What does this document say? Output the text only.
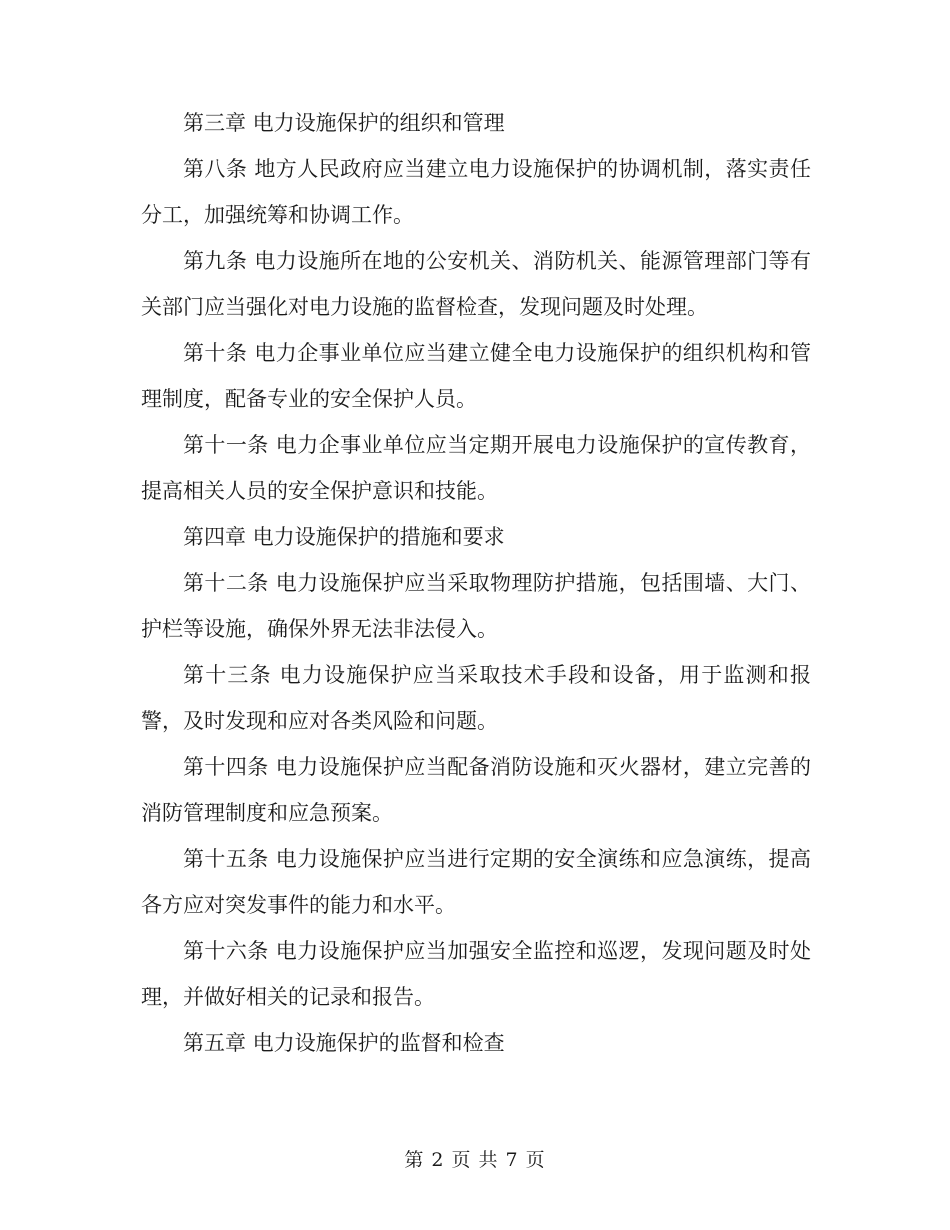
第三章 电力设施保护的组织和管理

第八条 地方人民政府应当建立电力设施保护的协调机制，落实责任分工，加强统筹和协调工作。

第九条 电力设施所在地的公安机关、消防机关、能源管理部门等有关部门应当强化对电力设施的监督检查，发现问题及时处理。

第十条 电力企事业单位应当建立健全电力设施保护的组织机构和管理制度，配备专业的安全保护人员。

第十一条 电力企事业单位应当定期开展电力设施保护的宣传教育，提高相关人员的安全保护意识和技能。

第四章 电力设施保护的措施和要求

第十二条 电力设施保护应当采取物理防护措施，包括围墙、大门、护栏等设施，确保外界无法非法侵入。

第十三条 电力设施保护应当采取技术手段和设备，用于监测和报警，及时发现和应对各类风险和问题。

第十四条 电力设施保护应当配备消防设施和灭火器材，建立完善的消防管理制度和应急预案。

第十五条 电力设施保护应当进行定期的安全演练和应急演练，提高各方应对突发事件的能力和水平。

第十六条 电力设施保护应当加强安全监控和巡逻，发现问题及时处理，并做好相关的记录和报告。

第五章 电力设施保护的监督和检查

第 2 页 共 7 页
